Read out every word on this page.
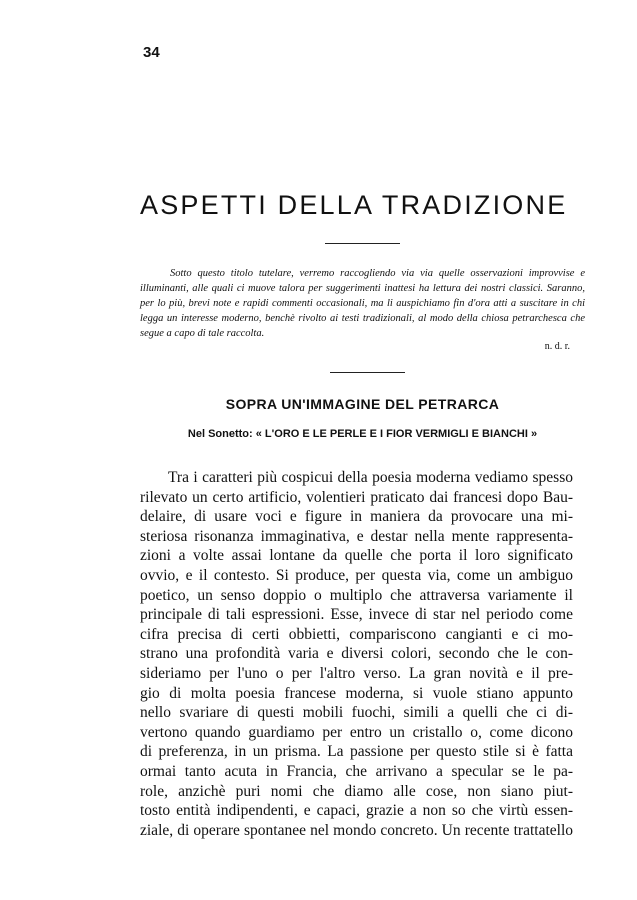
34
ASPETTI DELLA TRADIZIONE
Sotto questo titolo tutelare, verremo raccogliendo via via quelle osservazioni improvvise e illuminanti, alle quali ci muove talora per suggerimenti inattesi ha lettura dei nostri classici. Saranno, per lo più, brevi note e rapidi commenti occasionali, ma li auspichiamo fin d'ora atti a suscitare in chi legga un interesse moderno, benchè rivolto ai testi tradizionali, al modo della chiosa petrarchesca che segue a capo di tale raccolta.
n. d. r.
SOPRA UN'IMMAGINE DEL PETRARCA
Nel Sonetto: « L'ORO E LE PERLE E I FIOR VERMIGLI E BIANCHI »
Tra i caratteri più cospicui della poesia moderna vediamo spesso
rilevato un certo artificio, volentieri praticato dai francesi dopo Bau-
delaire, di usare voci e figure in maniera da provocare una mi-
steriosa risonanza immaginativa, e destar nella mente rappresenta-
zioni a volte assai lontane da quelle che porta il loro significato
ovvio, e il contesto. Si produce, per questa via, come un ambiguo
poetico, un senso doppio o multiplo che attraversa variamente il
principale di tali espressioni. Esse, invece di star nel periodo come
cifra precisa di certi obbietti, compariscono cangianti e ci mo-
strano una profondità varia e diversi colori, secondo che le con-
sideriamo per l'uno o per l'altro verso. La gran novità e il pre-
gio di molta poesia francese moderna, si vuole stiano appunto
nello svariare di questi mobili fuochi, simili a quelli che ci di-
vertono quando guardiamo per entro un cristallo o, come dicono
di preferenza, in un prisma. La passione per questo stile si è fatta
ormai tanto acuta in Francia, che arrivano a specular se le pa-
role, anzichè puri nomi che diamo alle cose, non siano piut-
tosto entità indipendenti, e capaci, grazie a non so che virtù essen-
ziale, di operare spontanee nel mondo concreto. Un recente trattatello
